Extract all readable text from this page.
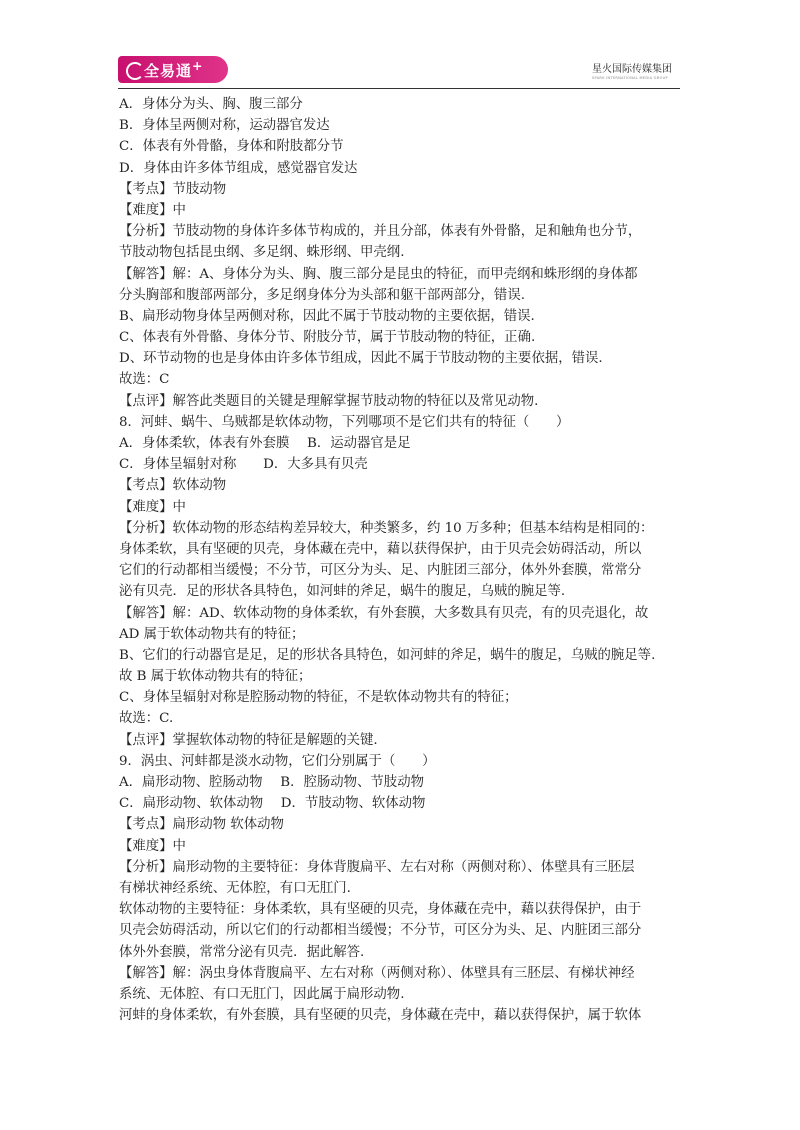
全易通+	星火国际传媒集团
SPARK INTERNATIONAL MEDIA GROUP
A．身体分为头、胸、腹三部分
B．身体呈两侧对称，运动器官发达
C．体表有外骨骼，身体和附肢都分节
D．身体由许多体节组成，感觉器官发达
【考点】节肢动物
【难度】中
【分析】节肢动物的身体许多体节构成的，并且分部，体表有外骨骼，足和触角也分节，
节肢动物包括昆虫纲、多足纲、蛛形纲、甲壳纲.
【解答】解：A、身体分为头、胸、腹三部分是昆虫的特征，而甲壳纲和蛛形纲的身体都
分头胸部和腹部两部分，多足纲身体分为头部和躯干部两部分，错误.
B、扁形动物身体呈两侧对称，因此不属于节肢动物的主要依据，错误.
C、体表有外骨骼、身体分节、附肢分节，属于节肢动物的特征，正确.
D、环节动物的也是身体由许多体节组成，因此不属于节肢动物的主要依据，错误.
故选：C
【点评】解答此类题目的关键是理解掌握节肢动物的特征以及常见动物.
8．河蚌、蜗牛、乌贼都是软体动物，下列哪项不是它们共有的特征（　　）
A．身体柔软，体表有外套膜　 B．运动器官是足
C．身体呈辐射对称　　D．大多具有贝壳
【考点】软体动物
【难度】中
【分析】软体动物的形态结构差异较大，种类繁多，约 10 万多种；但基本结构是相同的：
身体柔软，具有坚硬的贝壳，身体藏在壳中，藉以获得保护，由于贝壳会妨碍活动，所以
它们的行动都相当缓慢；不分节，可区分为头、足、内脏团三部分，体外外套膜，常常分
泌有贝壳．足的形状各具特色，如河蚌的斧足，蜗牛的腹足，乌贼的腕足等.
【解答】解：AD、软体动物的身体柔软，有外套膜，大多数具有贝壳，有的贝壳退化，故
AD 属于软体动物共有的特征；
B、它们的行动器官是足，足的形状各具特色，如河蚌的斧足，蜗牛的腹足，乌贼的腕足等.
故 B 属于软体动物共有的特征；
C、身体呈辐射对称是腔肠动物的特征，不是软体动物共有的特征；
故选：C.
【点评】掌握软体动物的特征是解题的关键.
9．涡虫、河蚌都是淡水动物，它们分别属于（　　）
A．扁形动物、腔肠动物　 B．腔肠动物、节肢动物
C．扁形动物、软体动物　 D．节肢动物、软体动物
【考点】扁形动物 软体动物
【难度】中
【分析】扁形动物的主要特征：身体背腹扁平、左右对称（两侧对称）、体壁具有三胚层
有梯状神经系统、无体腔，有口无肛门.
软体动物的主要特征：身体柔软，具有坚硬的贝壳，身体藏在壳中，藉以获得保护，由于
贝壳会妨碍活动，所以它们的行动都相当缓慢；不分节，可区分为头、足、内脏团三部分
体外外套膜，常常分泌有贝壳．据此解答.
【解答】解：涡虫身体背腹扁平、左右对称（两侧对称）、体壁具有三胚层、有梯状神经
系统、无体腔、有口无肛门，因此属于扁形动物.
河蚌的身体柔软，有外套膜，具有坚硬的贝壳，身体藏在壳中，藉以获得保护，属于软体
